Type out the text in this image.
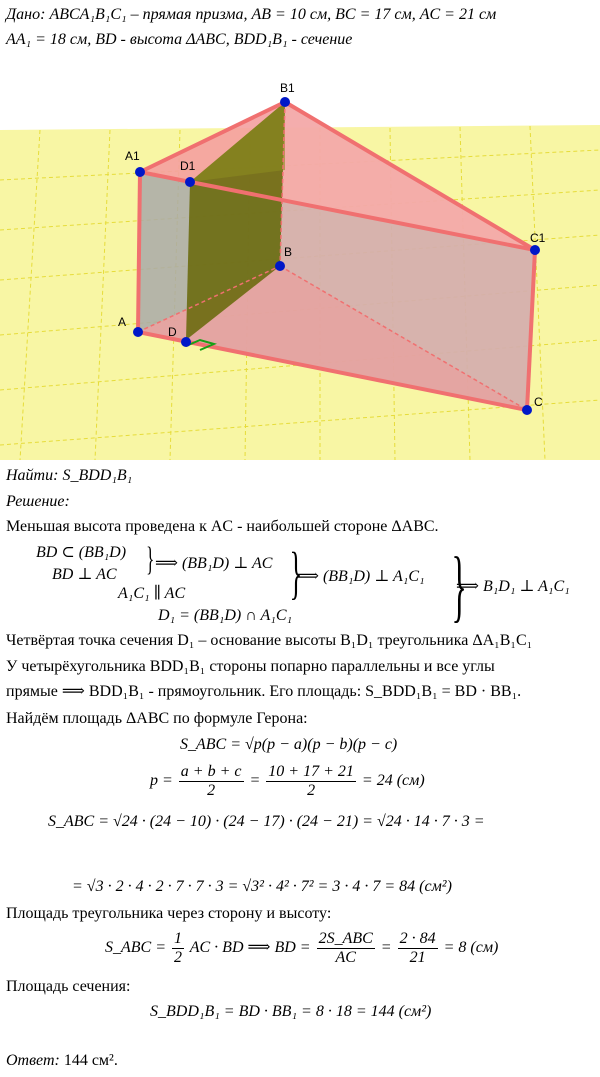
Дано: ABCA₁B₁C₁ – прямая призма, AB = 10 см, BC = 17 см, AC = 21 см
AA₁ = 18 см, BD - высота ΔABC, BDD₁B₁ - сечение
A1
B1
C1
D1
B
A
D
C
Найти: S_BDD₁B₁
Решение:
Меньшая высота проведена к AC - наибольшей стороне ΔABC.
BD ⊂ (BB₁D)
BD ⊥ AC } ⟹ (BB₁D) ⊥ AC
A₁C₁ ∥ AC }
⟹ (BB₁D) ⊥ A₁C₁
D₁ = (BB₁D) ∩ A₁C₁ }
⟹ B₁D₁ ⊥ A₁C₁
Четвёртая точка сечения D₁ – основание высоты B₁D₁ треугольника ΔA₁B₁C₁
У четырёхугольника BDD₁B₁ стороны попарно параллельны и все углы
прямые ⟹ BDD₁B₁ - прямоугольник. Его площадь: S_BDD₁B₁ = BD · BB₁.
Найдём площадь ΔABC по формуле Герона:
S_ABC = √p(p − a)(p − b)(p − c)
$p = \frac{a + b + c}{2} = \frac{10 + 17 + 21}{2} = 24$ (см)
S_ABC = √24 · (24 − 10) · (24 − 17) · (24 − 21) = √24 · 14 · 7 · 3 =
= √3 · 2 · 4 · 2 · 7 · 7 · 3 = √3² · 4² · 7² = 3 · 4 · 7 = 84 (см²)
Площадь треугольника через сторону и высоту:
S_ABC = $\frac{1}{2}$ AC · BD ⟹ BD = $\frac{\text{2S\_ABC}}{AC} = \frac{2 \cdot 84}{21} = 8$ (см)
Площадь сечения:
S_BDD₁B₁ = BD · BB₁ = 8 · 18 = 144 (см²)
Ответ: 144 см².
